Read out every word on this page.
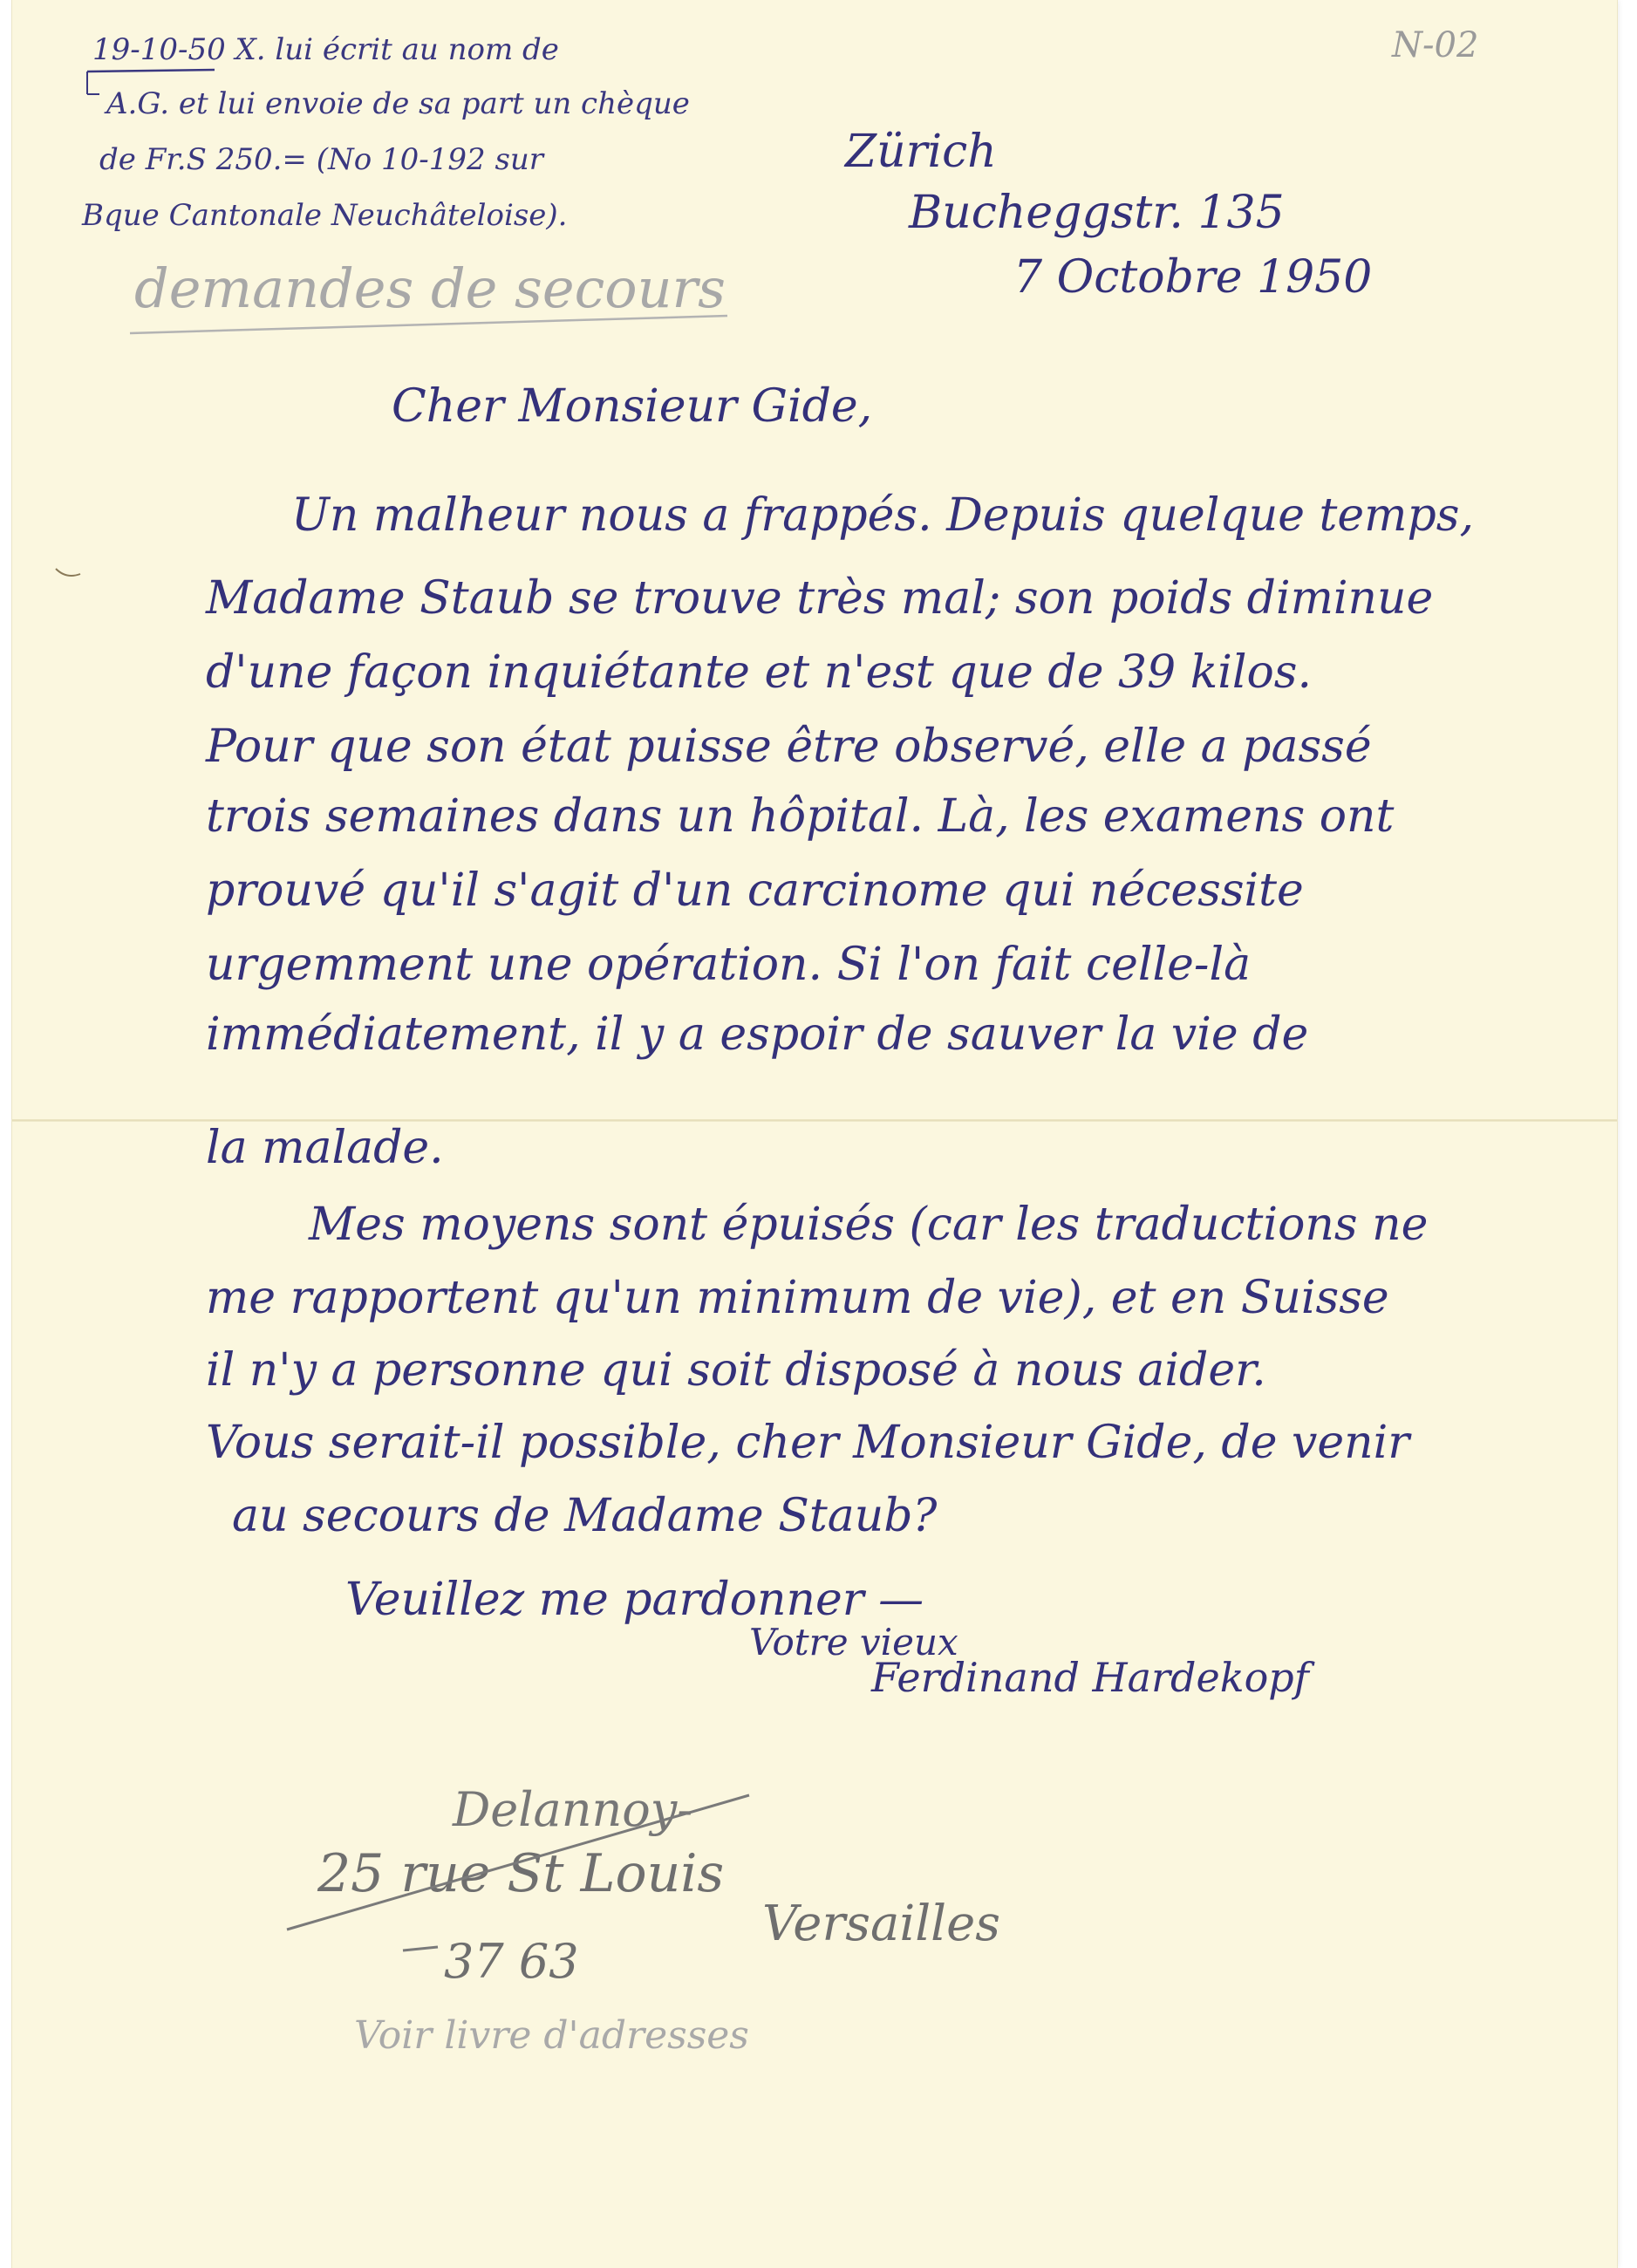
19-10-50 X. lui écrit au nom de

A.G. et lui envoie de sa part un chèque

de Fr.S 250.= (No 10-192 sur

Bque Cantonale Neuchâteloise).

N-02

demandes de secours

Zürich

Bucheggstr. 135

7 Octobre 1950

Cher Monsieur Gide,

Un malheur nous a frappés. Depuis quelque temps,

Madame Staub se trouve très mal; son poids diminue

d'une façon inquiétante et n'est que de 39 kilos.

Pour que son état puisse être observé, elle a passé

trois semaines dans un hôpital. Là, les examens ont

prouvé qu'il s'agit d'un carcinome qui nécessite

urgemment une opération. Si l'on fait celle-là

immédiatement, il y a espoir de sauver la vie de

la malade.

Mes moyens sont épuisés (car les traductions ne

me rapportent qu'un minimum de vie), et en Suisse

il n'y a personne qui soit disposé à nous aider.

Vous serait-il possible, cher Monsieur Gide, de venir

au secours de Madame Staub?

Veuillez me pardonner —

Votre vieux

Ferdinand Hardekopf

Delannoy-

25 rue St Louis

Versailles

37 63

Voir livre d'adresses
